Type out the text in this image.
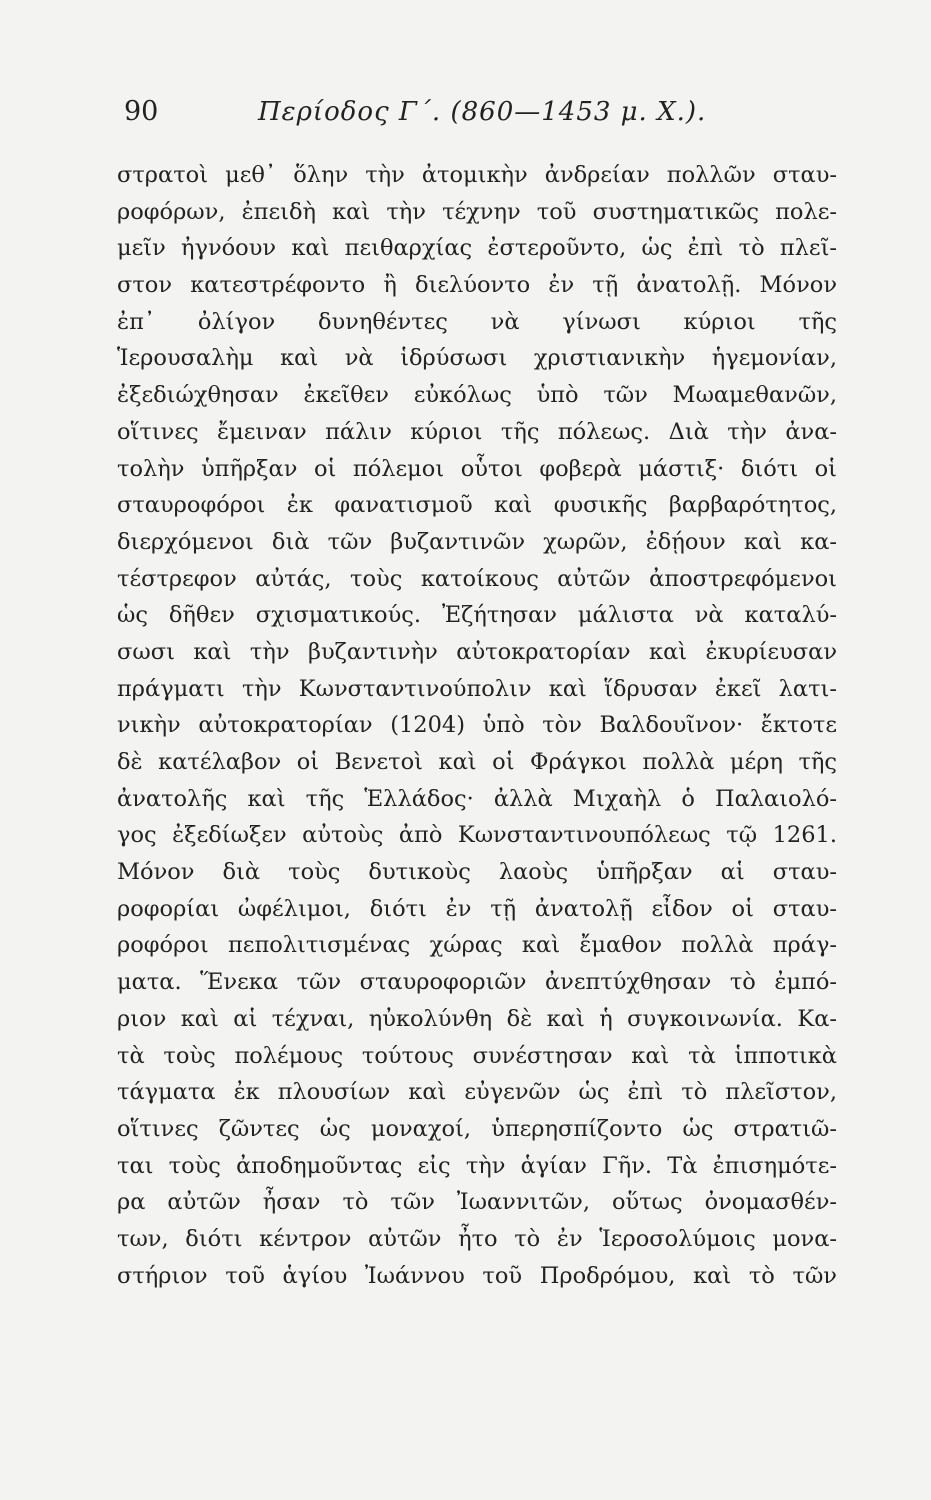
90	Περίοδος Γ΄. (860—1453 μ. Χ.).
στρατοὶ μεθ᾽ ὅλην τὴν ἀτομικὴν ἀνδρείαν πολλῶν σταυ-
ροφόρων, ἐπειδὴ καὶ τὴν τέχνην τοῦ συστηματικῶς πολε-
μεῖν ἠγνόουν καὶ πειθαρχίας ἐστεροῦντο, ὡς ἐπὶ τὸ πλεῖ-
στον κατεστρέφοντο ἢ διελύοντο ἐν τῇ ἀνατολῇ. Μόνον
ἐπ᾽ ὀλίγον δυνηθέντες νὰ γίνωσι κύριοι τῆς
Ἱερουσαλὴμ καὶ νὰ ἱδρύσωσι χριστιανικὴν ἡγεμονίαν,
ἐξεδιώχθησαν ἐκεῖθεν εὐκόλως ὑπὸ τῶν Μωαμεθανῶν,
οἵτινες ἔμειναν πάλιν κύριοι τῆς πόλεως. Διὰ τὴν ἀνα-
τολὴν ὑπῆρξαν οἱ πόλεμοι οὗτοι φοβερὰ μάστιξ· διότι οἱ
σταυροφόροι ἐκ φανατισμοῦ καὶ φυσικῆς βαρβαρότητος,
διερχόμενοι διὰ τῶν βυζαντινῶν χωρῶν, ἐδῄουν καὶ κα-
τέστρεφον αὐτάς, τοὺς κατοίκους αὐτῶν ἀποστρεφόμενοι
ὡς δῆθεν σχισματικούς. Ἐζήτησαν μάλιστα νὰ καταλύ-
σωσι καὶ τὴν βυζαντινὴν αὐτοκρατορίαν καὶ ἐκυρίευσαν
πράγματι τὴν Κωνσταντινούπολιν καὶ ἵδρυσαν ἐκεῖ λατι-
νικὴν αὐτοκρατορίαν (1204) ὑπὸ τὸν Βαλδουῖνον· ἔκτοτε
δὲ κατέλαβον οἱ Βενετοὶ καὶ οἱ Φράγκοι πολλὰ μέρη τῆς
ἀνατολῆς καὶ τῆς Ἑλλάδος· ἀλλὰ Μιχαὴλ ὁ Παλαιολό-
γος ἐξεδίωξεν αὐτοὺς ἀπὸ Κωνσταντινουπόλεως τῷ 1261.
Μόνον διὰ τοὺς δυτικοὺς λαοὺς ὑπῆρξαν αἱ σταυ-
ροφορίαι ὠφέλιμοι, διότι ἐν τῇ ἀνατολῇ εἶδον οἱ σταυ-
ροφόροι πεπολιτισμένας χώρας καὶ ἔμαθον πολλὰ πράγ-
ματα. Ἕνεκα τῶν σταυροφοριῶν ἀνεπτύχθησαν τὸ ἐμπό-
ριον καὶ αἱ τέχναι, ηὐκολύνθη δὲ καὶ ἡ συγκοινωνία. Κα-
τὰ τοὺς πολέμους τούτους συνέστησαν καὶ τὰ ἱπποτικὰ
τάγματα ἐκ πλουσίων καὶ εὐγενῶν ὡς ἐπὶ τὸ πλεῖστον,
οἵτινες ζῶντες ὡς μοναχοί, ὑπερησπίζοντο ὡς στρατιῶ-
ται τοὺς ἀποδημοῦντας εἰς τὴν ἁγίαν Γῆν. Τὰ ἐπισημότε-
ρα αὐτῶν ἦσαν τὸ τῶν Ἰωαννιτῶν, οὕτως ὀνομασθέν-
των, διότι κέντρον αὐτῶν ἦτο τὸ ἐν Ἱεροσολύμοις μονα-
στήριον τοῦ ἁγίου Ἰωάννου τοῦ Προδρόμου, καὶ τὸ τῶν
